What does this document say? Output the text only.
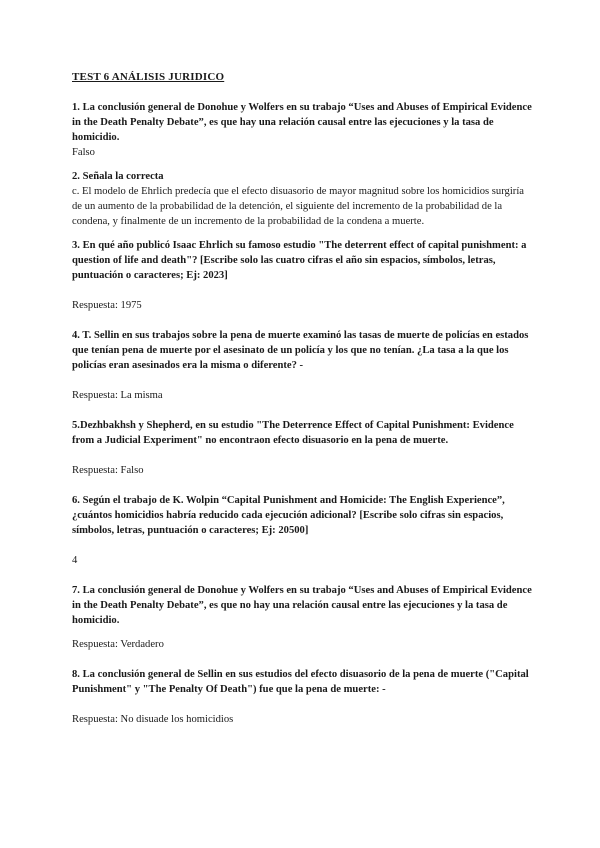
TEST 6 ANÁLISIS JURIDICO

1. La conclusión general de Donohue y Wolfers en su trabajo “Uses and Abuses of Empirical Evidence in the Death Penalty Debate”, es que hay una relación causal entre las ejecuciones y la tasa de homicidio.

Falso

2. Señala la correcta

c. El modelo de Ehrlich predecía que el efecto disuasorio de mayor magnitud sobre los homicidios surgiría de un aumento de la probabilidad de la detención, el siguiente del incremento de la probabilidad de la condena, y finalmente de un incremento de la probabilidad de la condena a muerte.

3. En qué año publicó Isaac Ehrlich su famoso estudio "The deterrent effect of capital punishment: a question of life and death"? [Escribe solo las cuatro cifras el año sin espacios, símbolos, letras, puntuación o caracteres; Ej: 2023]

Respuesta: 1975

4. T. Sellin en sus trabajos sobre la pena de muerte examinó las tasas de muerte de policías en estados que tenían pena de muerte por el asesinato de un policía y los que no tenían. ¿La tasa a la que los policías eran asesinados era la misma o diferente? -

Respuesta: La misma

5.Dezhbakhsh y Shepherd, en su estudio "The Deterrence Effect of Capital Punishment: Evidence from a Judicial Experiment" no encontraon efecto disuasorio en la pena de muerte.

Respuesta: Falso

6. Según el trabajo de K. Wolpin “Capital Punishment and Homicide: The English Experience”, ¿cuántos homicidios habría reducido cada ejecución adicional? [Escribe solo cifras sin espacios, símbolos, letras, puntuación o caracteres; Ej: 20500]

4

7. La conclusión general de Donohue y Wolfers en su trabajo “Uses and Abuses of Empirical Evidence in the Death Penalty Debate”, es que no hay una relación causal entre las ejecuciones y la tasa de homicidio.

Respuesta: Verdadero

8. La conclusión general de Sellin en sus estudios del efecto disuasorio de la pena de muerte ("Capital Punishment" y "The Penalty Of Death") fue que la pena de muerte: -

Respuesta: No disuade los homicidios
